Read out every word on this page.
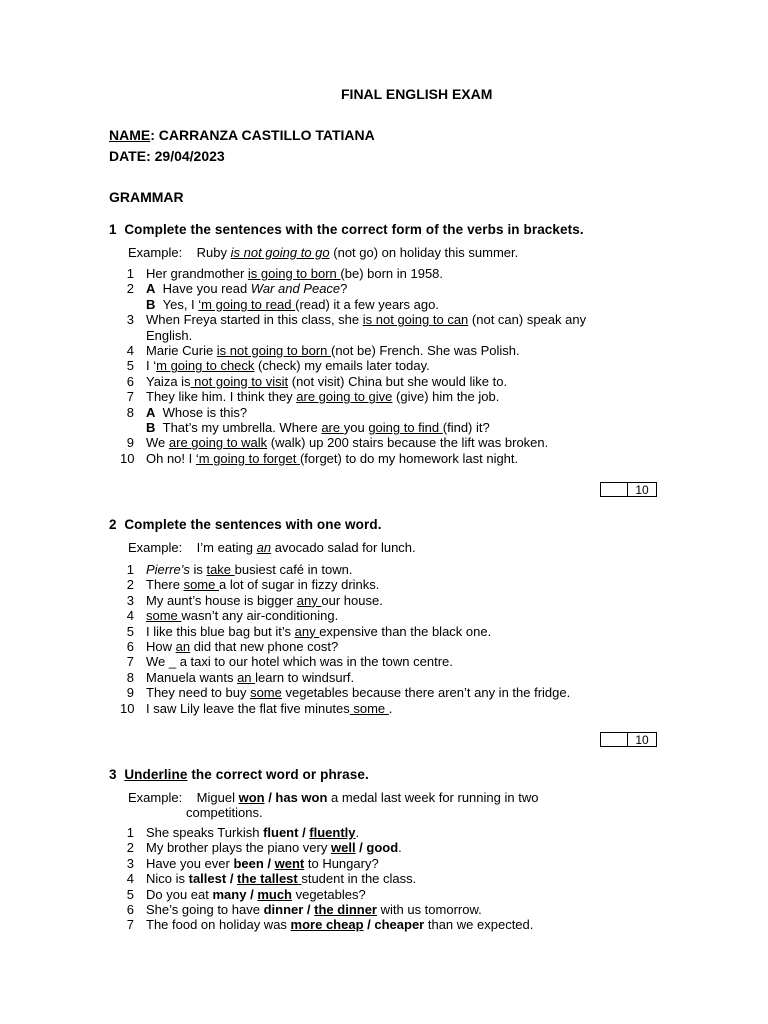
FINAL ENGLISH EXAM
NAME: CARRANZA CASTILLO TATIANA
DATE: 29/04/2023
GRAMMAR
1 Complete the sentences with the correct form of the verbs in brackets.
Example: Ruby is not going to go (not go) on holiday this summer.
1 Her grandmother is going to born (be) born in 1958.
2 A Have you read War and Peace?
B Yes, I ‘m going to read (read) it a few years ago.
3 When Freya started in this class, she is not going to can (not can) speak any
English.
4 Marie Curie is not going to born (not be) French. She was Polish.
5 I ‘m going to check (check) my emails later today.
6 Yaiza is not going to visit (not visit) China but she would like to.
7 They like him. I think they are going to give (give) him the job.
8 A Whose is this?
B That’s my umbrella. Where are you going to find (find) it?
9 We are going to walk (walk) up 200 stairs because the lift was broken.
10 Oh no! I ‘m going to forget (forget) to do my homework last night.
10
2 Complete the sentences with one word.
Example: I’m eating an avocado salad for lunch.
1 Pierre’s is take busiest café in town.
2 There some a lot of sugar in fizzy drinks.
3 My aunt’s house is bigger any our house.
4 some wasn’t any air-conditioning.
5 I like this blue bag but it’s any expensive than the black one.
6 How an did that new phone cost?
7 We _ a taxi to our hotel which was in the town centre.
8 Manuela wants an learn to windsurf.
9 They need to buy some vegetables because there aren’t any in the fridge.
10 I saw Lily leave the flat five minutes some .
10
3 Underline the correct word or phrase.
Example: Miguel won / has won a medal last week for running in two
competitions.
1 She speaks Turkish fluent / fluently.
2 My brother plays the piano very well / good.
3 Have you ever been / went to Hungary?
4 Nico is tallest / the tallest student in the class.
5 Do you eat many / much vegetables?
6 She’s going to have dinner / the dinner with us tomorrow.
7 The food on holiday was more cheap / cheaper than we expected.
